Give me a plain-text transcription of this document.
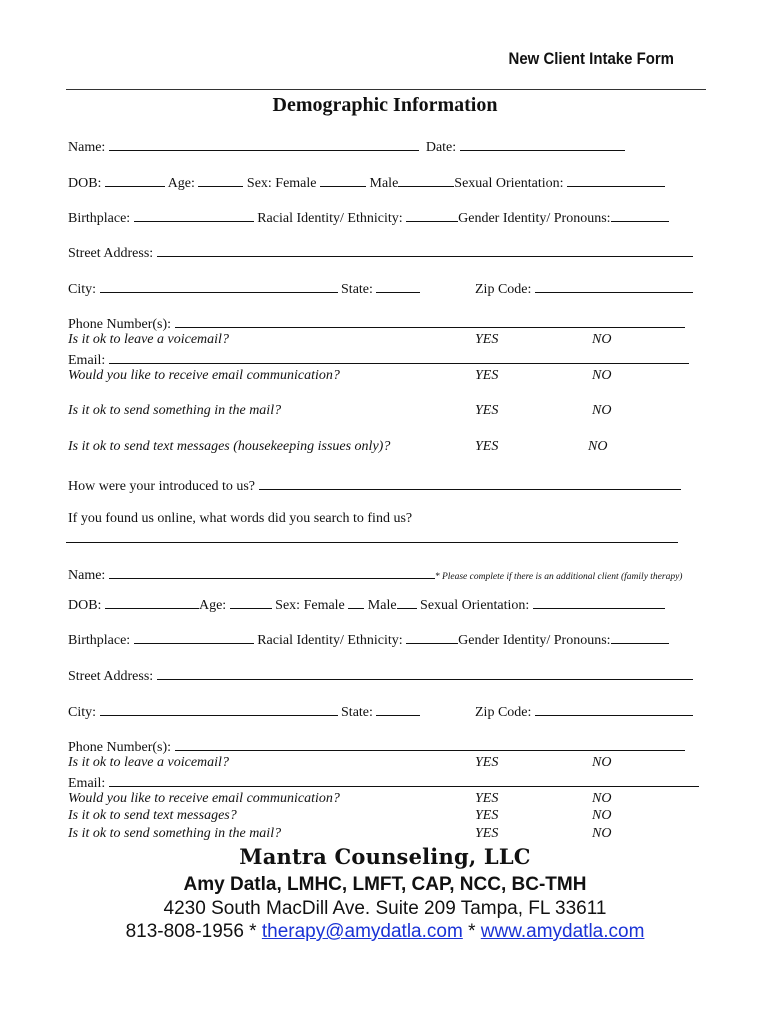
New Client Intake Form
Demographic Information
Name:	Date:
DOB:	Age:	Sex: Female	Male	Sexual Orientation:
Birthplace:	Racial Identity/ Ethnicity:	Gender Identity/ Pronouns:
Street Address:
City:	State:	Zip Code:
Phone Number(s):
Is it ok to leave a voicemail?	YES	NO
Email:
Would you like to receive email communication?	YES	NO
Is it ok to send something in the mail?	YES	NO
Is it ok to send text messages (housekeeping issues only)?	YES	NO
How were your introduced to us?
If you found us online, what words did you search to find us?
Name:	* Please complete if there is an additional client (family therapy)
DOB:	Age:	Sex: Female Male Sexual Orientation:
Birthplace:	Racial Identity/ Ethnicity:	Gender Identity/ Pronouns:
Street Address:
City:	State:	Zip Code:
Phone Number(s):
Is it ok to leave a voicemail?	YES	NO
Email:
Would you like to receive email communication?	YES	NO
Is it ok to send text messages?	YES	NO
Is it ok to send something in the mail?	YES	NO
Mantra Counseling, LLC
Amy Datla, LMHC, LMFT, CAP, NCC, BC-TMH
4230 South MacDill Ave. Suite 209 Tampa, FL 33611
813-808-1956 * therapy@amydatla.com * www.amydatla.com
